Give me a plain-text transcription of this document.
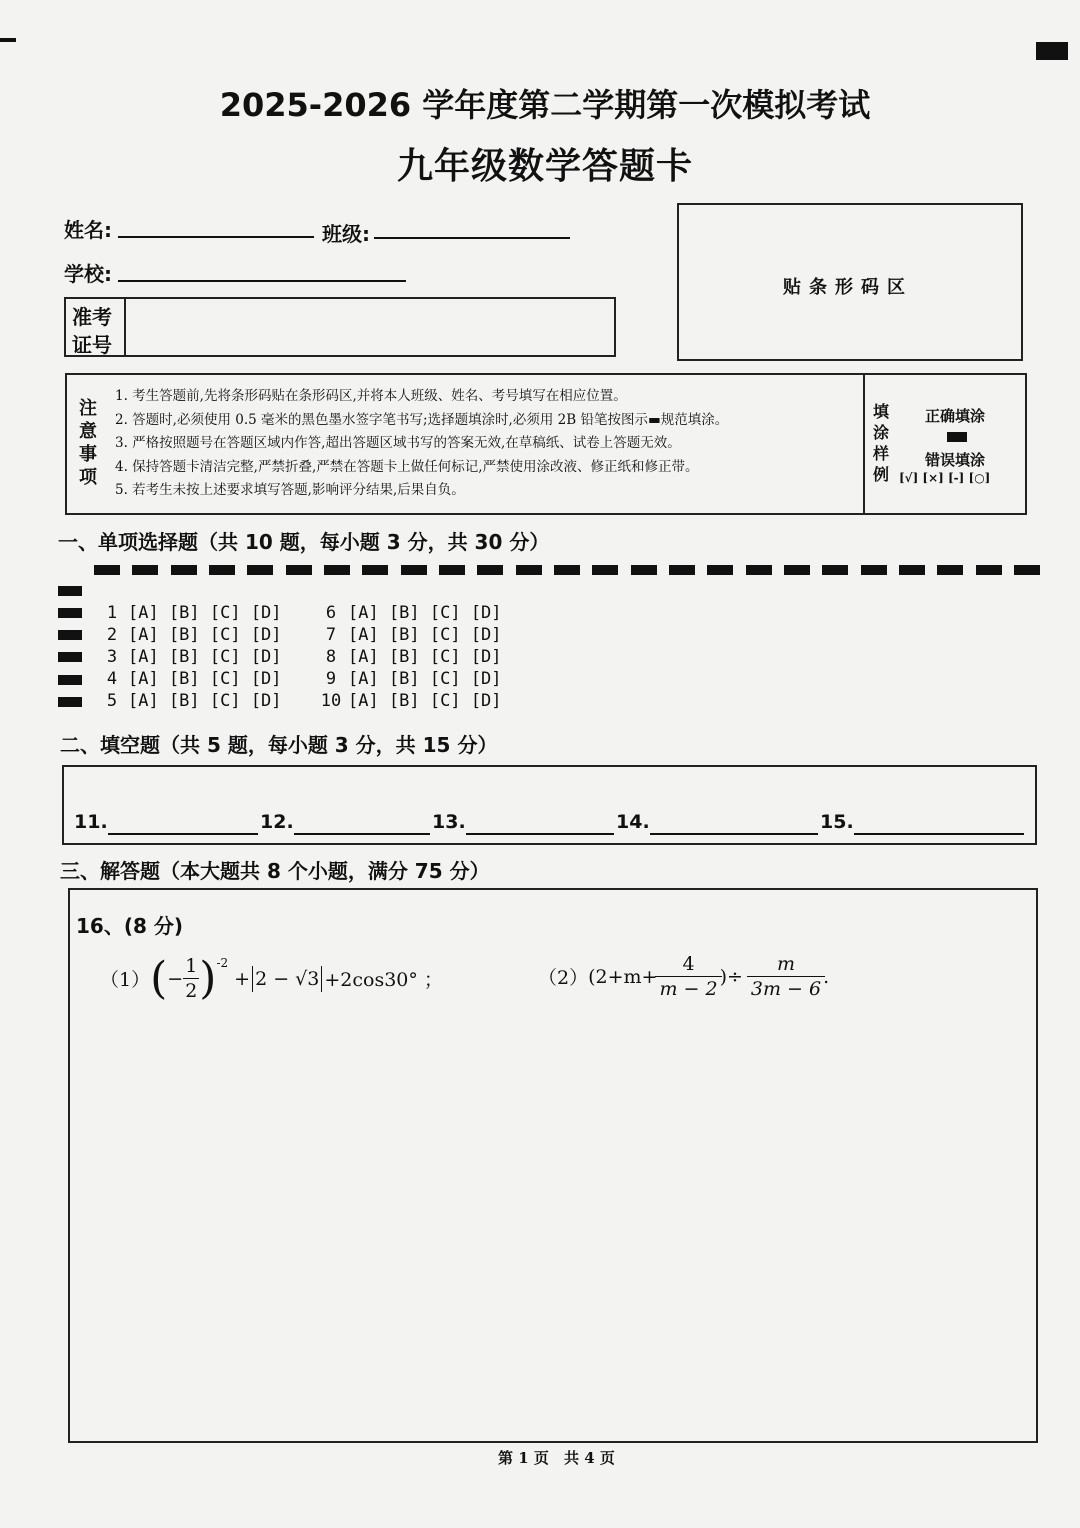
2025-2026 学年度第二学期第一次模拟考试
九年级数学答题卡
姓名:	班级:
学校:
准考
证号
贴条形码区
注
意
事
项
1. 考生答题前,先将条形码贴在条形码区,并将本人班级、姓名、考号填写在相应位置。
2. 答题时,必须使用 0.5 毫米的黑色墨水签字笔书写;选择题填涂时,必须用 2B 铅笔按图示▬规范填涂。
3. 严格按照题号在答题区域内作答,超出答题区域书写的答案无效,在草稿纸、试卷上答题无效。
4. 保持答题卡清洁完整,严禁折叠,严禁在答题卡上做任何标记,严禁使用涂改液、修正纸和修正带。
5. 若考生未按上述要求填写答题,影响评分结果,后果自负。
填
涂
样
例
正确填涂
错误填涂
[√] [×] [-] [○]
一、单项选择题（共 10 题，每小题 3 分，共 30 分）
1 [A] [B] [C] [D]
2 [A] [B] [C] [D]
3 [A] [B] [C] [D]
4 [A] [B] [C] [D]
5 [A] [B] [C] [D]
6 [A] [B] [C] [D]
7 [A] [B] [C] [D]
8 [A] [B] [C] [D]
9 [A] [B] [C] [D]
10 [A] [B] [C] [D]
二、填空题（共 5 题，每小题 3 分，共 15 分）
11.	12.	13.	14.	15.
三、解答题（本大题共 8 个小题，满分 75 分）
16、(8 分)
（1） ( − $\frac{1}{2}$ ) -2
+ 2 − √3 +2cos30° ；	（2） ($2+m+ \frac{4}{m - 2}$ )÷ $\frac{m}{3m - 6}$ .
第 1 页 共 4 页
